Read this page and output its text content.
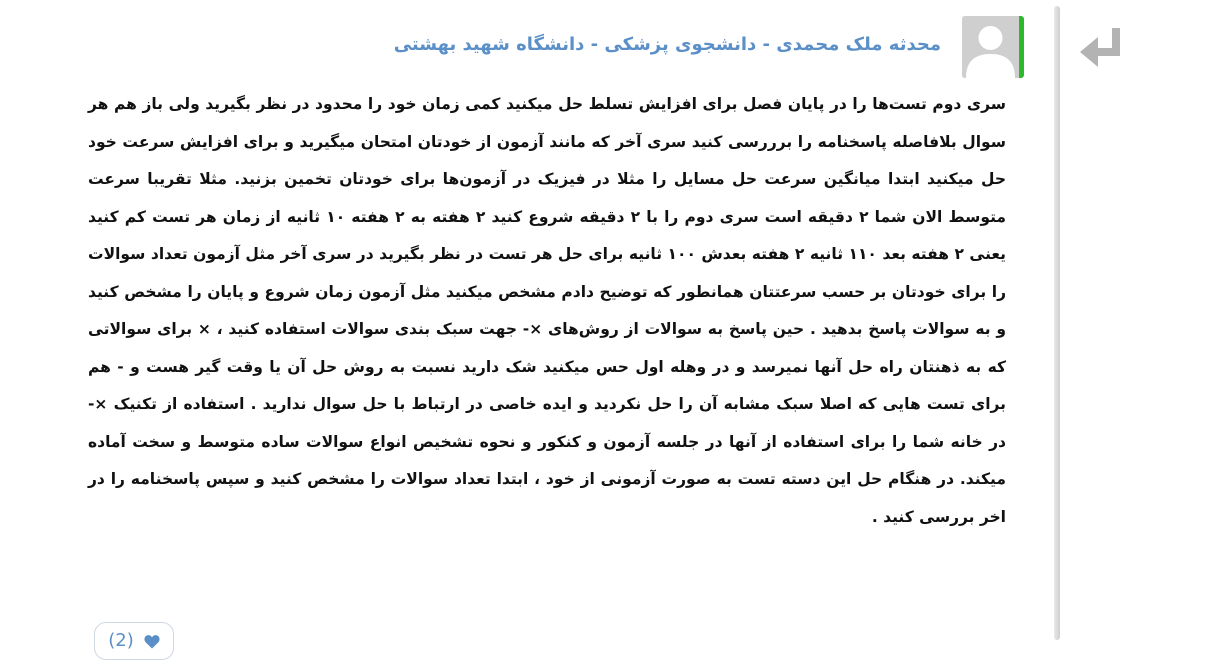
محدثه ملک محمدی - دانشجوی پزشکی - دانشگاه شهید بهشتی
سری دوم تست‌ها را در پایان فصل برای افزایش تسلط حل میکنید کمی زمان خود را محدود در نظر بگیرید ولی باز هم هر سوال بلافاصله پاسخنامه را برررسی کنید سری آخر که مانند آزمون از خودتان امتحان میگیرید و برای افزایش سرعت خود حل میکنید ابتدا میانگین سرعت حل مسایل را مثلا در فیزیک در آزمون‌ها برای خودتان تخمین بزنید. مثلا تقریبا سرعت متوسط الان شما ۲ دقیقه است سری دوم را با ۲ دقیقه شروع کنید ۲ هفته به ۲ هفته ۱۰ ثانیه از زمان هر تست کم کنید یعنی ۲ هفته بعد ۱۱۰ ثانیه ۲ هفته بعدش ۱۰۰ ثانیه برای حل هر تست در نظر بگیرید در سری آخر مثل آزمون تعداد سوالات را برای خودتان بر حسب سرعتتان همانطور که توضیح دادم مشخص میکنید مثل آزمون زمان شروع و پایان را مشخص کنید و به سوالات پاسخ بدهید . حین پاسخ به سوالات از روش‌های ×- جهت سبک بندی سوالات استفاده کنید ، × برای سوالاتی که به ذهنتان راه حل آنها نمیرسد و در وهله اول حس میکنید شک دارید نسبت به روش حل آن یا وقت گیر هست و - هم برای تست هایی که اصلا سبک مشابه آن را حل نکردید و ایده خاصی در ارتباط با حل سوال ندارید . استفاده از تکنیک ×- در خانه شما را برای استفاده از آنها در جلسه آزمون و کنکور و نحوه تشخیص انواع سوالات ساده متوسط و سخت آماده میکند. در هنگام حل این دسته تست به صورت آزمونی از خود ، ابتدا تعداد سوالات را مشخص کنید و سپس پاسخنامه را در اخر بررسی کنید .
(2)
